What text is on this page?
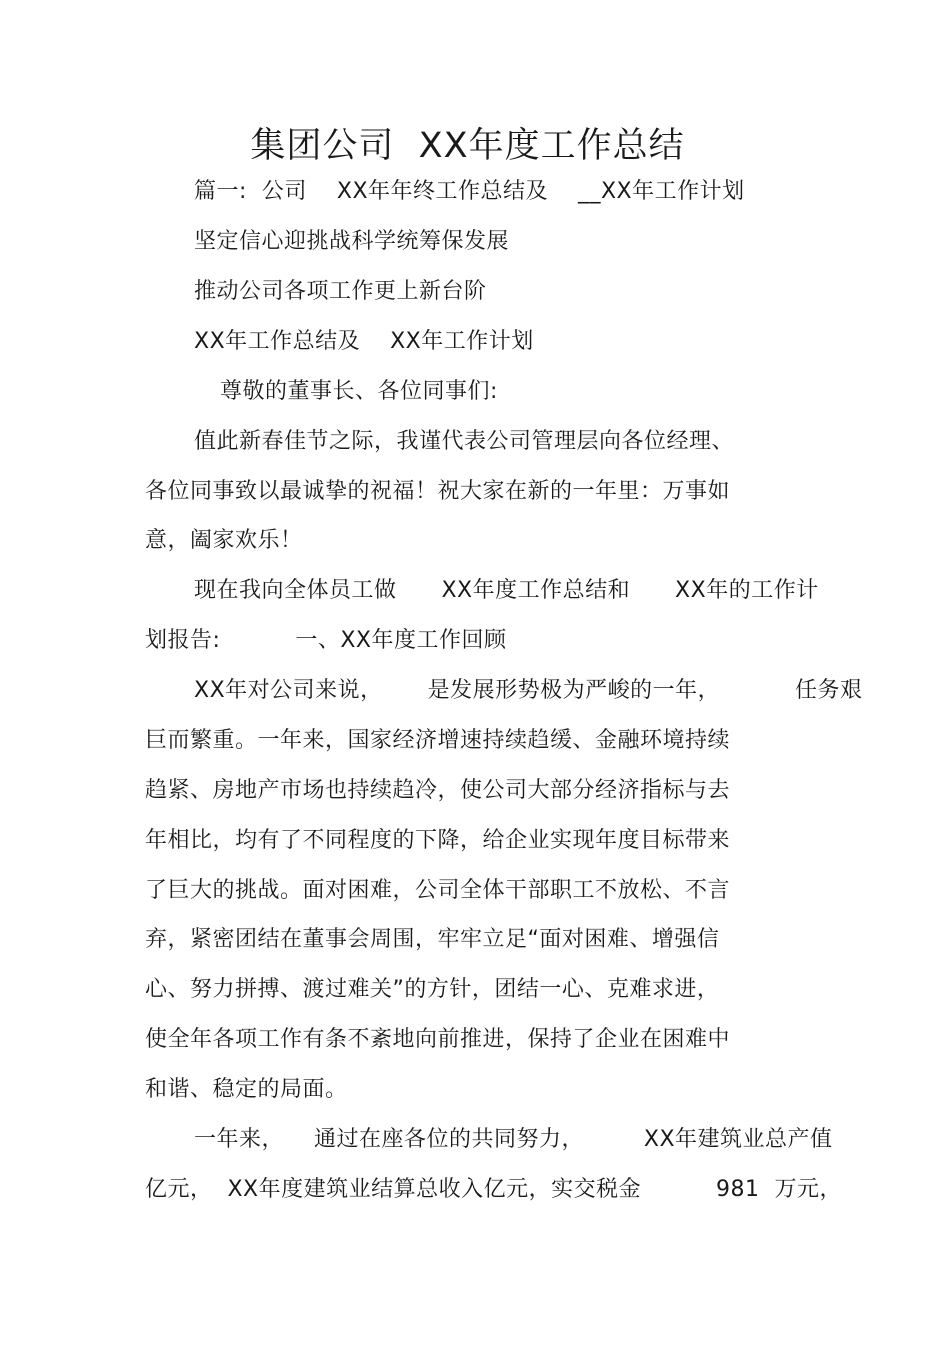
集团公司  XX年度工作总结
篇一:  公司    XX年年终工作总结及    __XX年工作计划
坚定信心迎挑战科学统筹保发展
推动公司各项工作更上新台阶
XX年工作总结及    XX年工作计划
尊敬的董事长、各位同事们:
值此新春佳节之际，我谨代表公司管理层向各位经理、
各位同事致以最诚挚的祝福！祝大家在新的一年里：万事如
意，阖家欢乐！
现在我向全体员工做      XX年度工作总结和      XX年的工作计
划报告:          一、XX年度工作回顾
XX年对公司来说，      是发展形势极为严峻的一年，          任务艰
巨而繁重。一年来，国家经济增速持续趋缓、金融环境持续
趋紧、房地产市场也持续趋冷，使公司大部分经济指标与去
年相比，均有了不同程度的下降，给企业实现年度目标带来
了巨大的挑战。面对困难，公司全体干部职工不放松、不言
弃，紧密团结在董事会周围，牢牢立足“面对困难、增强信
心、努力拼搏、渡过难关”的方针，团结一心、克难求进，
使全年各项工作有条不紊地向前推进，保持了企业在困难中
和谐、稳定的局面。
一年来，    通过在座各位的共同努力，        XX年建筑业总产值
亿元，  XX年度建筑业结算总收入亿元，实交税金          981  万元，
